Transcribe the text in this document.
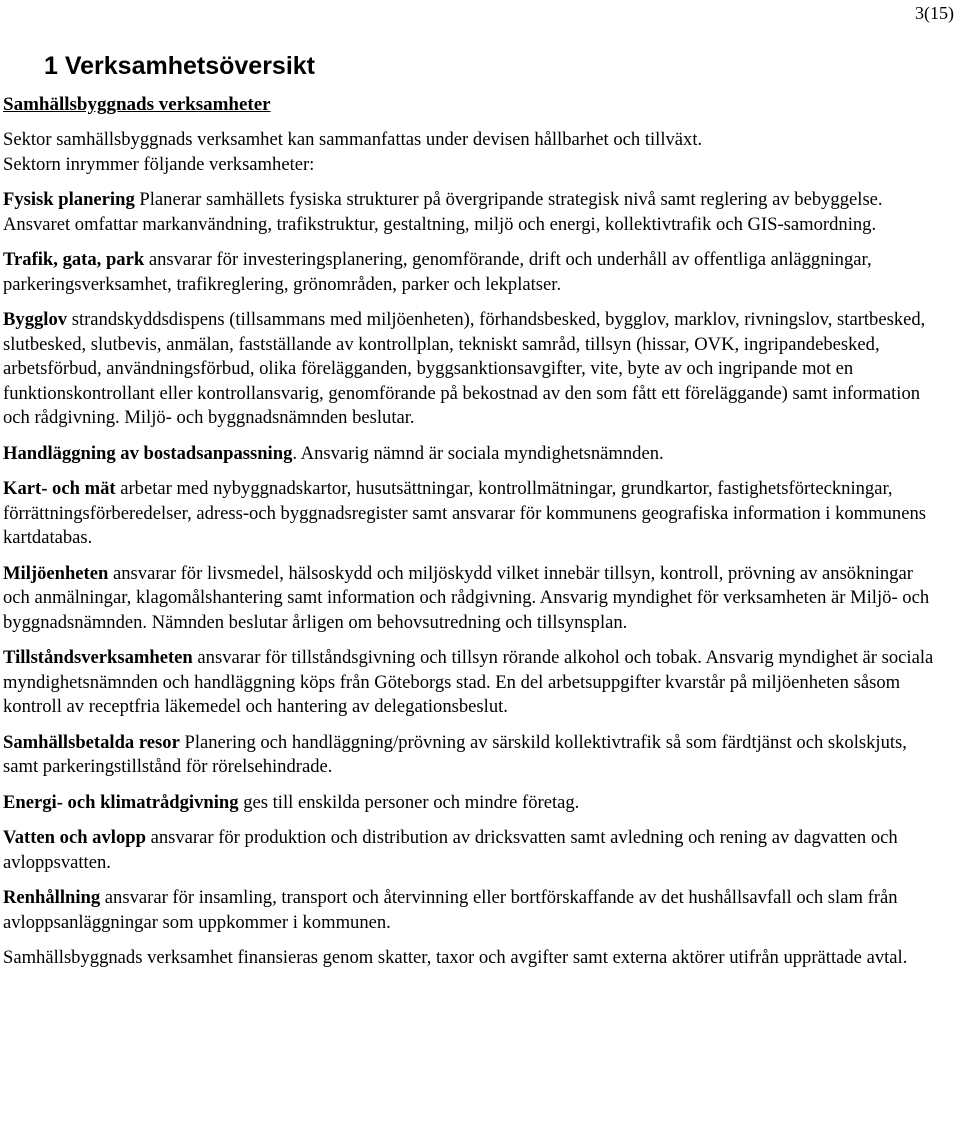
3(15)
1 Verksamhetsöversikt
Samhällsbyggnads verksamheter

Sektor samhällsbyggnads verksamhet kan sammanfattas under devisen hållbarhet och tillväxt.
Sektorn inrymmer följande verksamheter:

Fysisk planering Planerar samhällets fysiska strukturer på övergripande strategisk nivå samt reglering av bebyggelse. Ansvaret omfattar markanvändning, trafikstruktur, gestaltning, miljö och energi, kollektivtrafik och GIS-samordning.

Trafik, gata, park ansvarar för investeringsplanering, genomförande, drift och underhåll av offentliga anläggningar, parkeringsverksamhet, trafikreglering, grönområden, parker och lekplatser.

Bygglov strandskyddsdispens (tillsammans med miljöenheten), förhandsbesked, bygglov, marklov, rivningslov, startbesked, slutbesked, slutbevis, anmälan, fastställande av kontrollplan, tekniskt samråd, tillsyn (hissar, OVK, ingripandebesked, arbetsförbud, användningsförbud, olika förelägganden, byggsanktionsavgifter, vite, byte av och ingripande mot en funktionskontrollant eller kontrollansvarig, genomförande på bekostnad av den som fått ett föreläggande) samt information och rådgivning. Miljö- och byggnadsnämnden beslutar.

Handläggning av bostadsanpassning. Ansvarig nämnd är sociala myndighetsnämnden.

Kart- och mät arbetar med nybyggnadskartor, husutsättningar, kontrollmätningar, grundkartor, fastighetsförteckningar, förrättningsförberedelser, adress-och byggnadsregister samt ansvarar för kommunens geografiska information i kommunens kartdatabas.

Miljöenheten ansvarar för livsmedel, hälsoskydd och miljöskydd vilket innebär tillsyn, kontroll, prövning av ansökningar och anmälningar, klagomålshantering samt information och rådgivning. Ansvarig myndighet för verksamheten är Miljö- och byggnadsnämnden. Nämnden beslutar årligen om behovsutredning och tillsynsplan.

Tillståndsverksamheten ansvarar för tillståndsgivning och tillsyn rörande alkohol och tobak. Ansvarig myndighet är sociala myndighetsnämnden och handläggning köps från Göteborgs stad. En del arbetsuppgifter kvarstår på miljöenheten såsom kontroll av receptfria läkemedel och hantering av delegationsbeslut.

Samhällsbetalda resor Planering och handläggning/prövning av särskild kollektivtrafik så som färdtjänst och skolskjuts, samt parkeringstillstånd för rörelsehindrade.

Energi- och klimatrådgivning ges till enskilda personer och mindre företag.

Vatten och avlopp ansvarar för produktion och distribution av dricksvatten samt avledning och rening av dagvatten och avloppsvatten.

Renhållning ansvarar för insamling, transport och återvinning eller bortförskaffande av det hushållsavfall och slam från avloppsanläggningar som uppkommer i kommunen.

Samhällsbyggnads verksamhet finansieras genom skatter, taxor och avgifter samt externa aktörer utifrån upprättade avtal.
